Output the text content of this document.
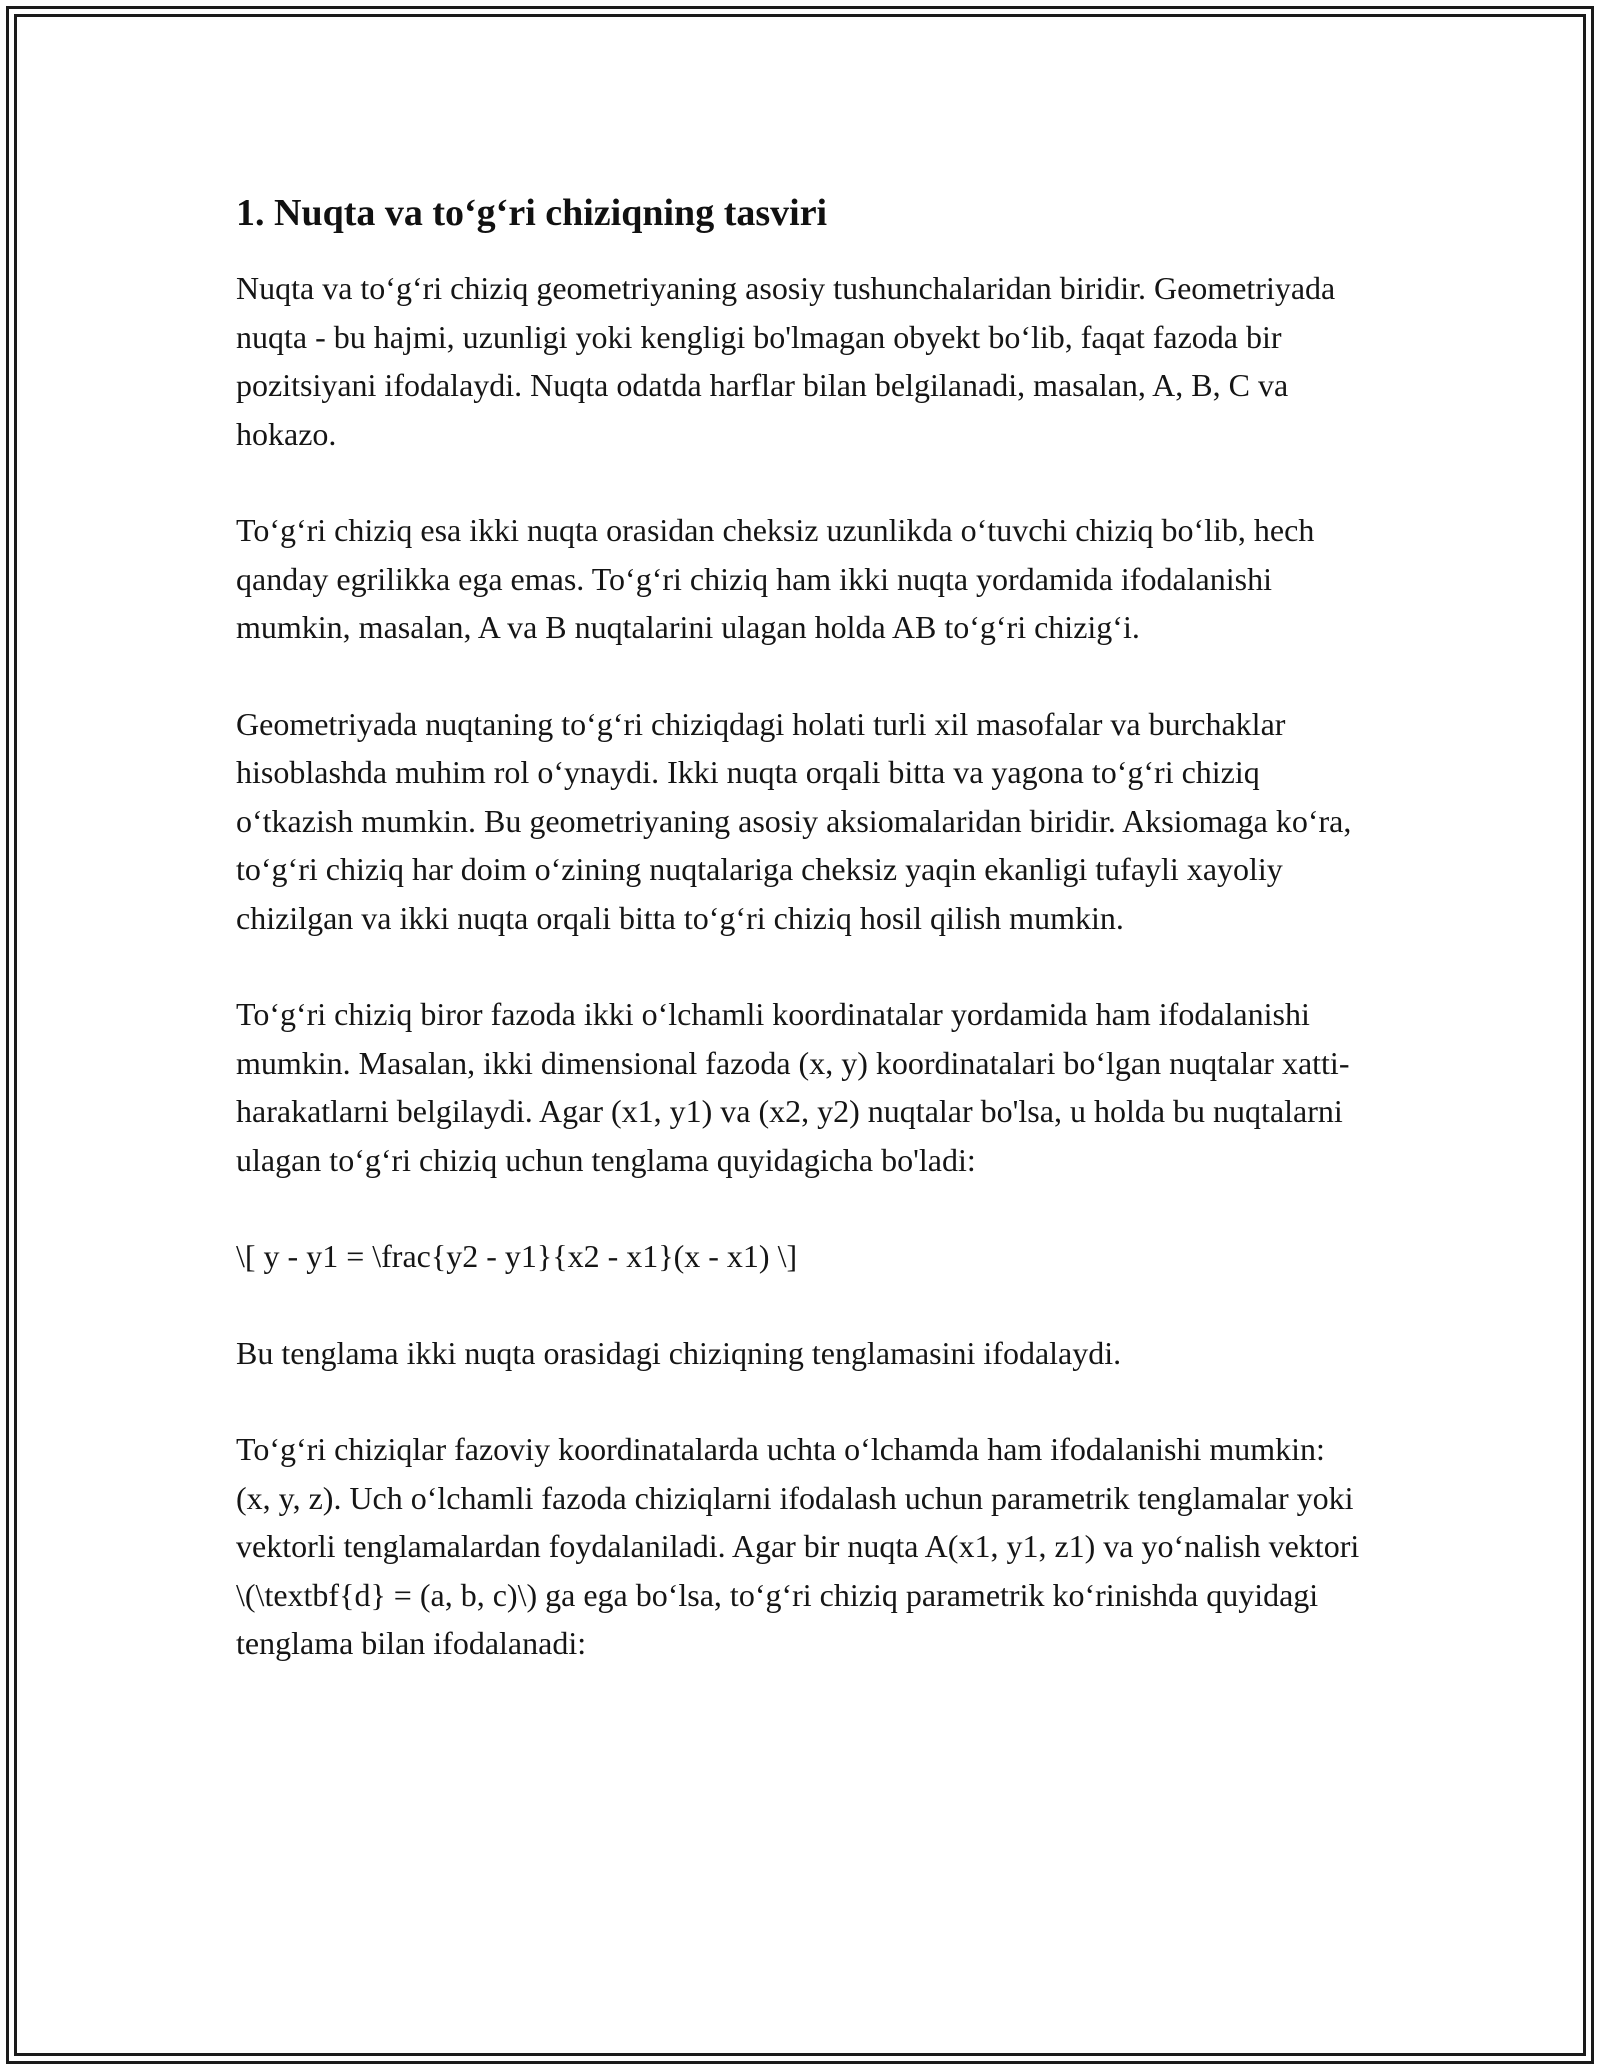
1. Nuqta va to‘g‘ri chiziqning tasviri

Nuqta va to‘g‘ri chiziq geometriyaning asosiy tushunchalaridan biridir. Geometriyada nuqta - bu hajmi, uzunligi yoki kengligi bo'lmagan obyekt bo‘lib, faqat fazoda bir pozitsiyani ifodalaydi. Nuqta odatda harflar bilan belgilanadi, masalan, A, B, C va hokazo.

To‘g‘ri chiziq esa ikki nuqta orasidan cheksiz uzunlikda o‘tuvchi chiziq bo‘lib, hech qanday egrilikka ega emas. To‘g‘ri chiziq ham ikki nuqta yordamida ifodalanishi mumkin, masalan, A va B nuqtalarini ulagan holda AB to‘g‘ri chizig‘i.

Geometriyada nuqtaning to‘g‘ri chiziqdagi holati turli xil masofalar va burchaklar hisoblashda muhim rol o‘ynaydi. Ikki nuqta orqali bitta va yagona to‘g‘ri chiziq o‘tkazish mumkin. Bu geometriyaning asosiy aksiomalaridan biridir. Aksiomaga ko‘ra, to‘g‘ri chiziq har doim o‘zining nuqtalariga cheksiz yaqin ekanligi tufayli xayoliy chizilgan va ikki nuqta orqali bitta to‘g‘ri chiziq hosil qilish mumkin.

To‘g‘ri chiziq biror fazoda ikki o‘lchamli koordinatalar yordamida ham ifodalanishi mumkin. Masalan, ikki dimensional fazoda (x, y) koordinatalari bo‘lgan nuqtalar xatti-harakatlarni belgilaydi. Agar (x1, y1) va (x2, y2) nuqtalar bo'lsa, u holda bu nuqtalarni ulagan to‘g‘ri chiziq uchun tenglama quyidagicha bo'ladi:

\[ y - y1 = \frac{y2 - y1}{x2 - x1}(x - x1) \]

Bu tenglama ikki nuqta orasidagi chiziqning tenglamasini ifodalaydi.

To‘g‘ri chiziqlar fazoviy koordinatalarda uchta o‘lchamda ham ifodalanishi mumkin: (x, y, z). Uch o‘lchamli fazoda chiziqlarni ifodalash uchun parametrik tenglamalar yoki vektorli tenglamalardan foydalaniladi. Agar bir nuqta A(x1, y1, z1) va yo‘nalish vektori \(\textbf{d} = (a, b, c)\) ga ega bo‘lsa, to‘g‘ri chiziq parametrik ko‘rinishda quyidagi tenglama bilan ifodalanadi:
